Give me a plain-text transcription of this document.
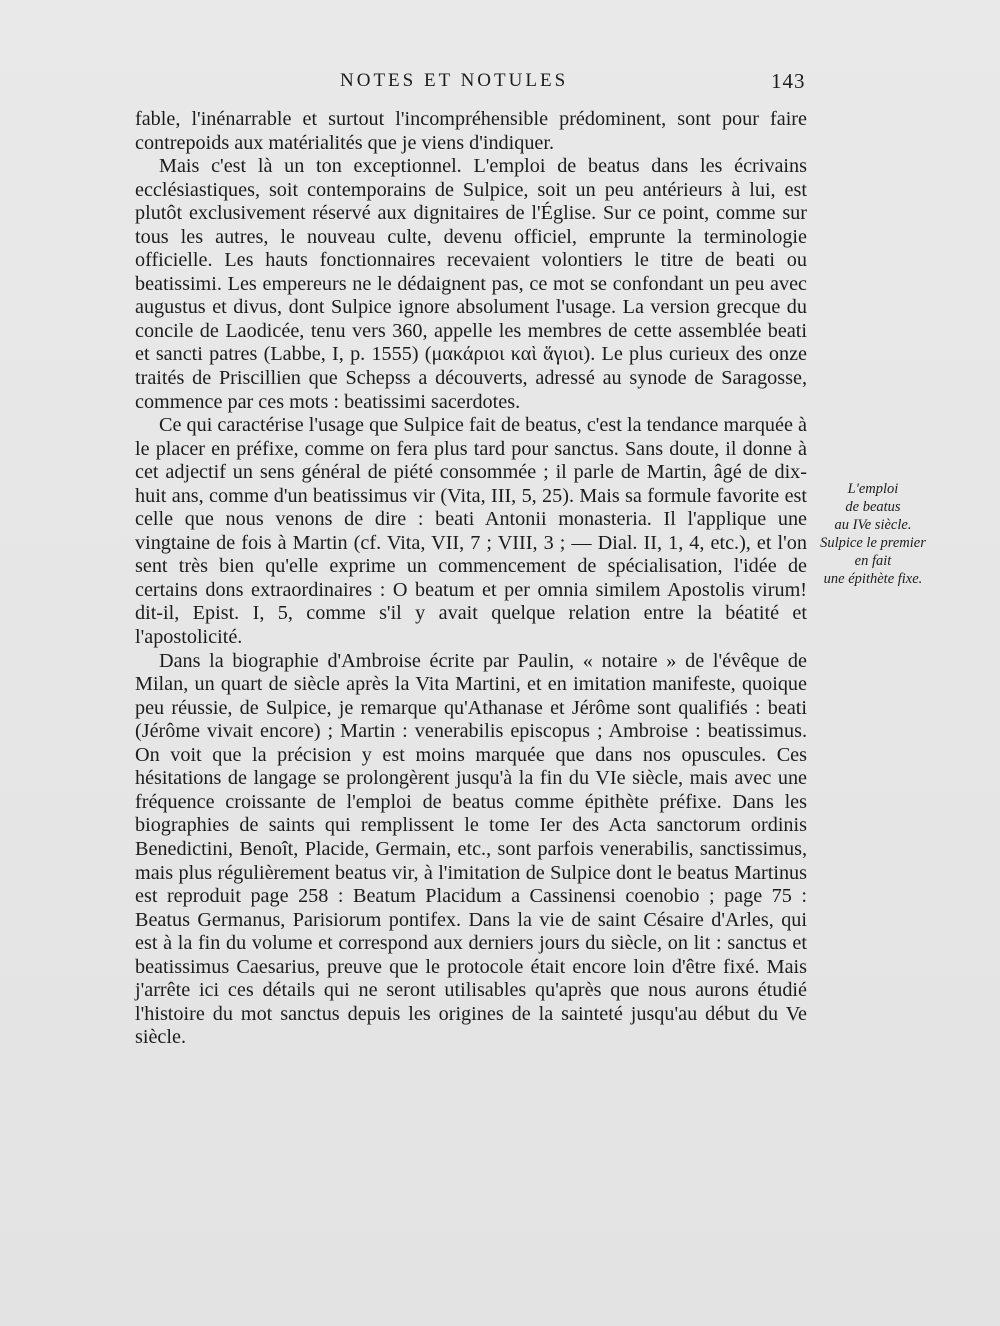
NOTES ET NOTULES	143

fable, l'inénarrable et surtout l'incompréhensible prédominent, sont pour faire contrepoids aux matérialités que je viens d'indiquer.

Mais c'est là un ton exceptionnel. L'emploi de beatus dans les écrivains ecclésiastiques, soit contemporains de Sulpice, soit un peu antérieurs à lui, est plutôt exclusivement réservé aux dignitaires de l'Église. Sur ce point, comme sur tous les autres, le nouveau culte, devenu officiel, emprunte la terminologie officielle. Les hauts fonctionnaires recevaient volontiers le titre de beati ou beatissimi. Les empereurs ne le dédaignent pas, ce mot se confondant un peu avec augustus et divus, dont Sulpice ignore absolument l'usage. La version grecque du concile de Laodicée, tenu vers 360, appelle les membres de cette assemblée beati et sancti patres (Labbe, I, p. 1555) (μακάριοι καὶ ἅγιοι). Le plus curieux des onze traités de Priscillien que Schepss a découverts, adressé au synode de Saragosse, commence par ces mots : beatissimi sacerdotes.

Ce qui caractérise l'usage que Sulpice fait de beatus, c'est la tendance marquée à le placer en préfixe, comme on fera plus tard pour sanctus. Sans doute, il donne à cet adjectif un sens général de piété consommée ; il parle de Martin, âgé de dix-huit ans, comme d'un beatissimus vir (Vita, III, 5, 25). Mais sa formule favorite est celle que nous venons de dire : beati Antonii monasteria. Il l'applique une vingtaine de fois à Martin (cf. Vita, VII, 7 ; VIII, 3 ; — Dial. II, 1, 4, etc.), et l'on sent très bien qu'elle exprime un commencement de spécialisation, l'idée de certains dons extraordinaires : O beatum et per omnia similem Apostolis virum! dit-il, Epist. I, 5, comme s'il y avait quelque relation entre la béatité et l'apostolicité.

Dans la biographie d'Ambroise écrite par Paulin, « notaire » de l'évêque de Milan, un quart de siècle après la Vita Martini, et en imitation manifeste, quoique peu réussie, de Sulpice, je remarque qu'Athanase et Jérôme sont qualifiés : beati (Jérôme vivait encore) ; Martin : venerabilis episcopus ; Ambroise : beatissimus. On voit que la précision y est moins marquée que dans nos opuscules. Ces hésitations de langage se prolongèrent jusqu'à la fin du VIe siècle, mais avec une fréquence croissante de l'emploi de beatus comme épithète préfixe. Dans les biographies de saints qui remplissent le tome Ier des Acta sanctorum ordinis Benedictini, Benoît, Placide, Germain, etc., sont parfois venerabilis, sanctissimus, mais plus régulièrement beatus vir, à l'imitation de Sulpice dont le beatus Martinus est reproduit page 258 : Beatum Placidum a Cassinensi coenobio ; page 75 : Beatus Germanus, Parisiorum pontifex. Dans la vie de saint Césaire d'Arles, qui est à la fin du volume et correspond aux derniers jours du siècle, on lit : sanctus et beatissimus Caesarius, preuve que le protocole était encore loin d'être fixé. Mais j'arrête ici ces détails qui ne seront utilisables qu'après que nous aurons étudié l'histoire du mot sanctus depuis les origines de la sainteté jusqu'au début du Ve siècle.

L'emploi
de beatus
au IVe siècle.
Sulpice le premier
en fait
une épithète fixe.
